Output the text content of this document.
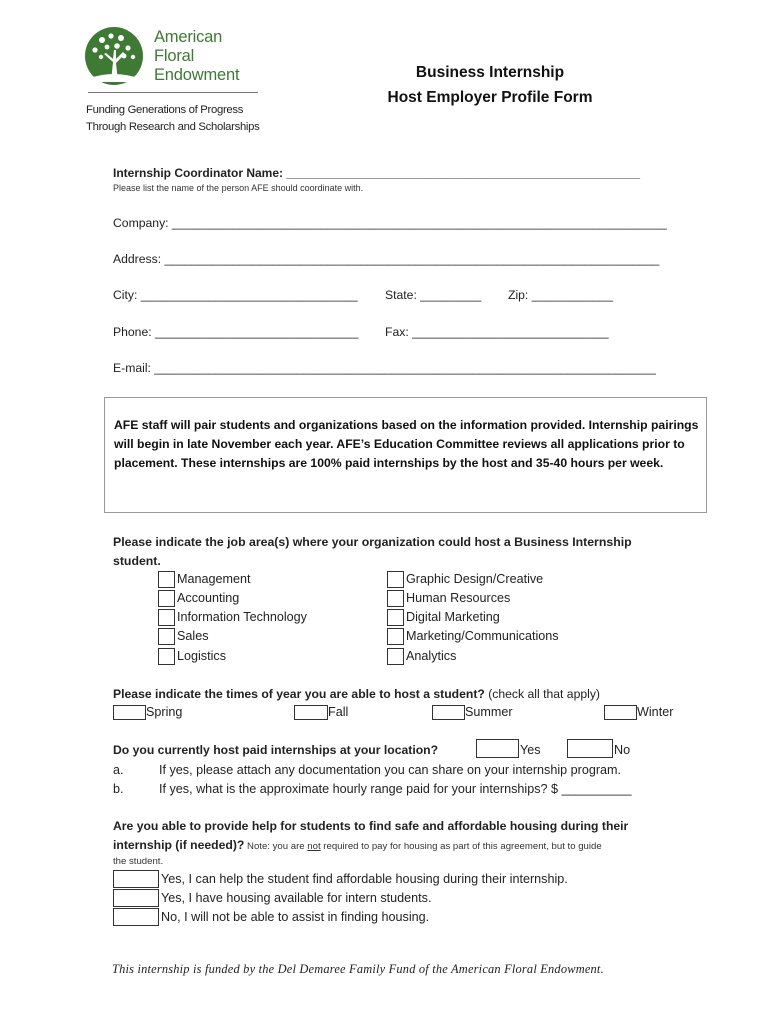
American
Floral
Endowment
Funding Generations of Progress
Through Research and Scholarships
Business Internship
Host Employer Profile Form
Internship Coordinator Name: _____________________________________________________
Please list the name of the person AFE should coordinate with.
Company: _________________________________________________________________________
Address: _________________________________________________________________________
City: ________________________________ State: _________ Zip: ____________
Phone: ______________________________ Fax: _____________________________
E-mail: __________________________________________________________________________
AFE staff will pair students and organizations based on the information provided. Internship pairings will begin in late November each year. AFE’s Education Committee reviews all applications prior to placement. These internships are 100% paid internships by the host and 35-40 hours per week.
Please indicate the job area(s) where your organization could host a Business Internship
student.
Management
Accounting
Information Technology
Sales
Logistics
Graphic Design/Creative
Human Resources
Digital Marketing
Marketing/Communications
Analytics
Please indicate the times of year you are able to host a student? (check all that apply)
Spring	Fall	Summer	Winter
Do you currently host paid internships at your location?	Yes	No
a.	If yes, please attach any documentation you can share on your internship program.
b.	If yes, what is the approximate hourly range paid for your internships? $ __________
Are you able to provide help for students to find safe and affordable housing during their
internship (if needed)? Note: you are not required to pay for housing as part of this agreement, but to guide
the student.
Yes, I can help the student find affordable housing during their internship.
Yes, I have housing available for intern students.
No, I will not be able to assist in finding housing.
This internship is funded by the Del Demaree Family Fund of the American Floral Endowment.
